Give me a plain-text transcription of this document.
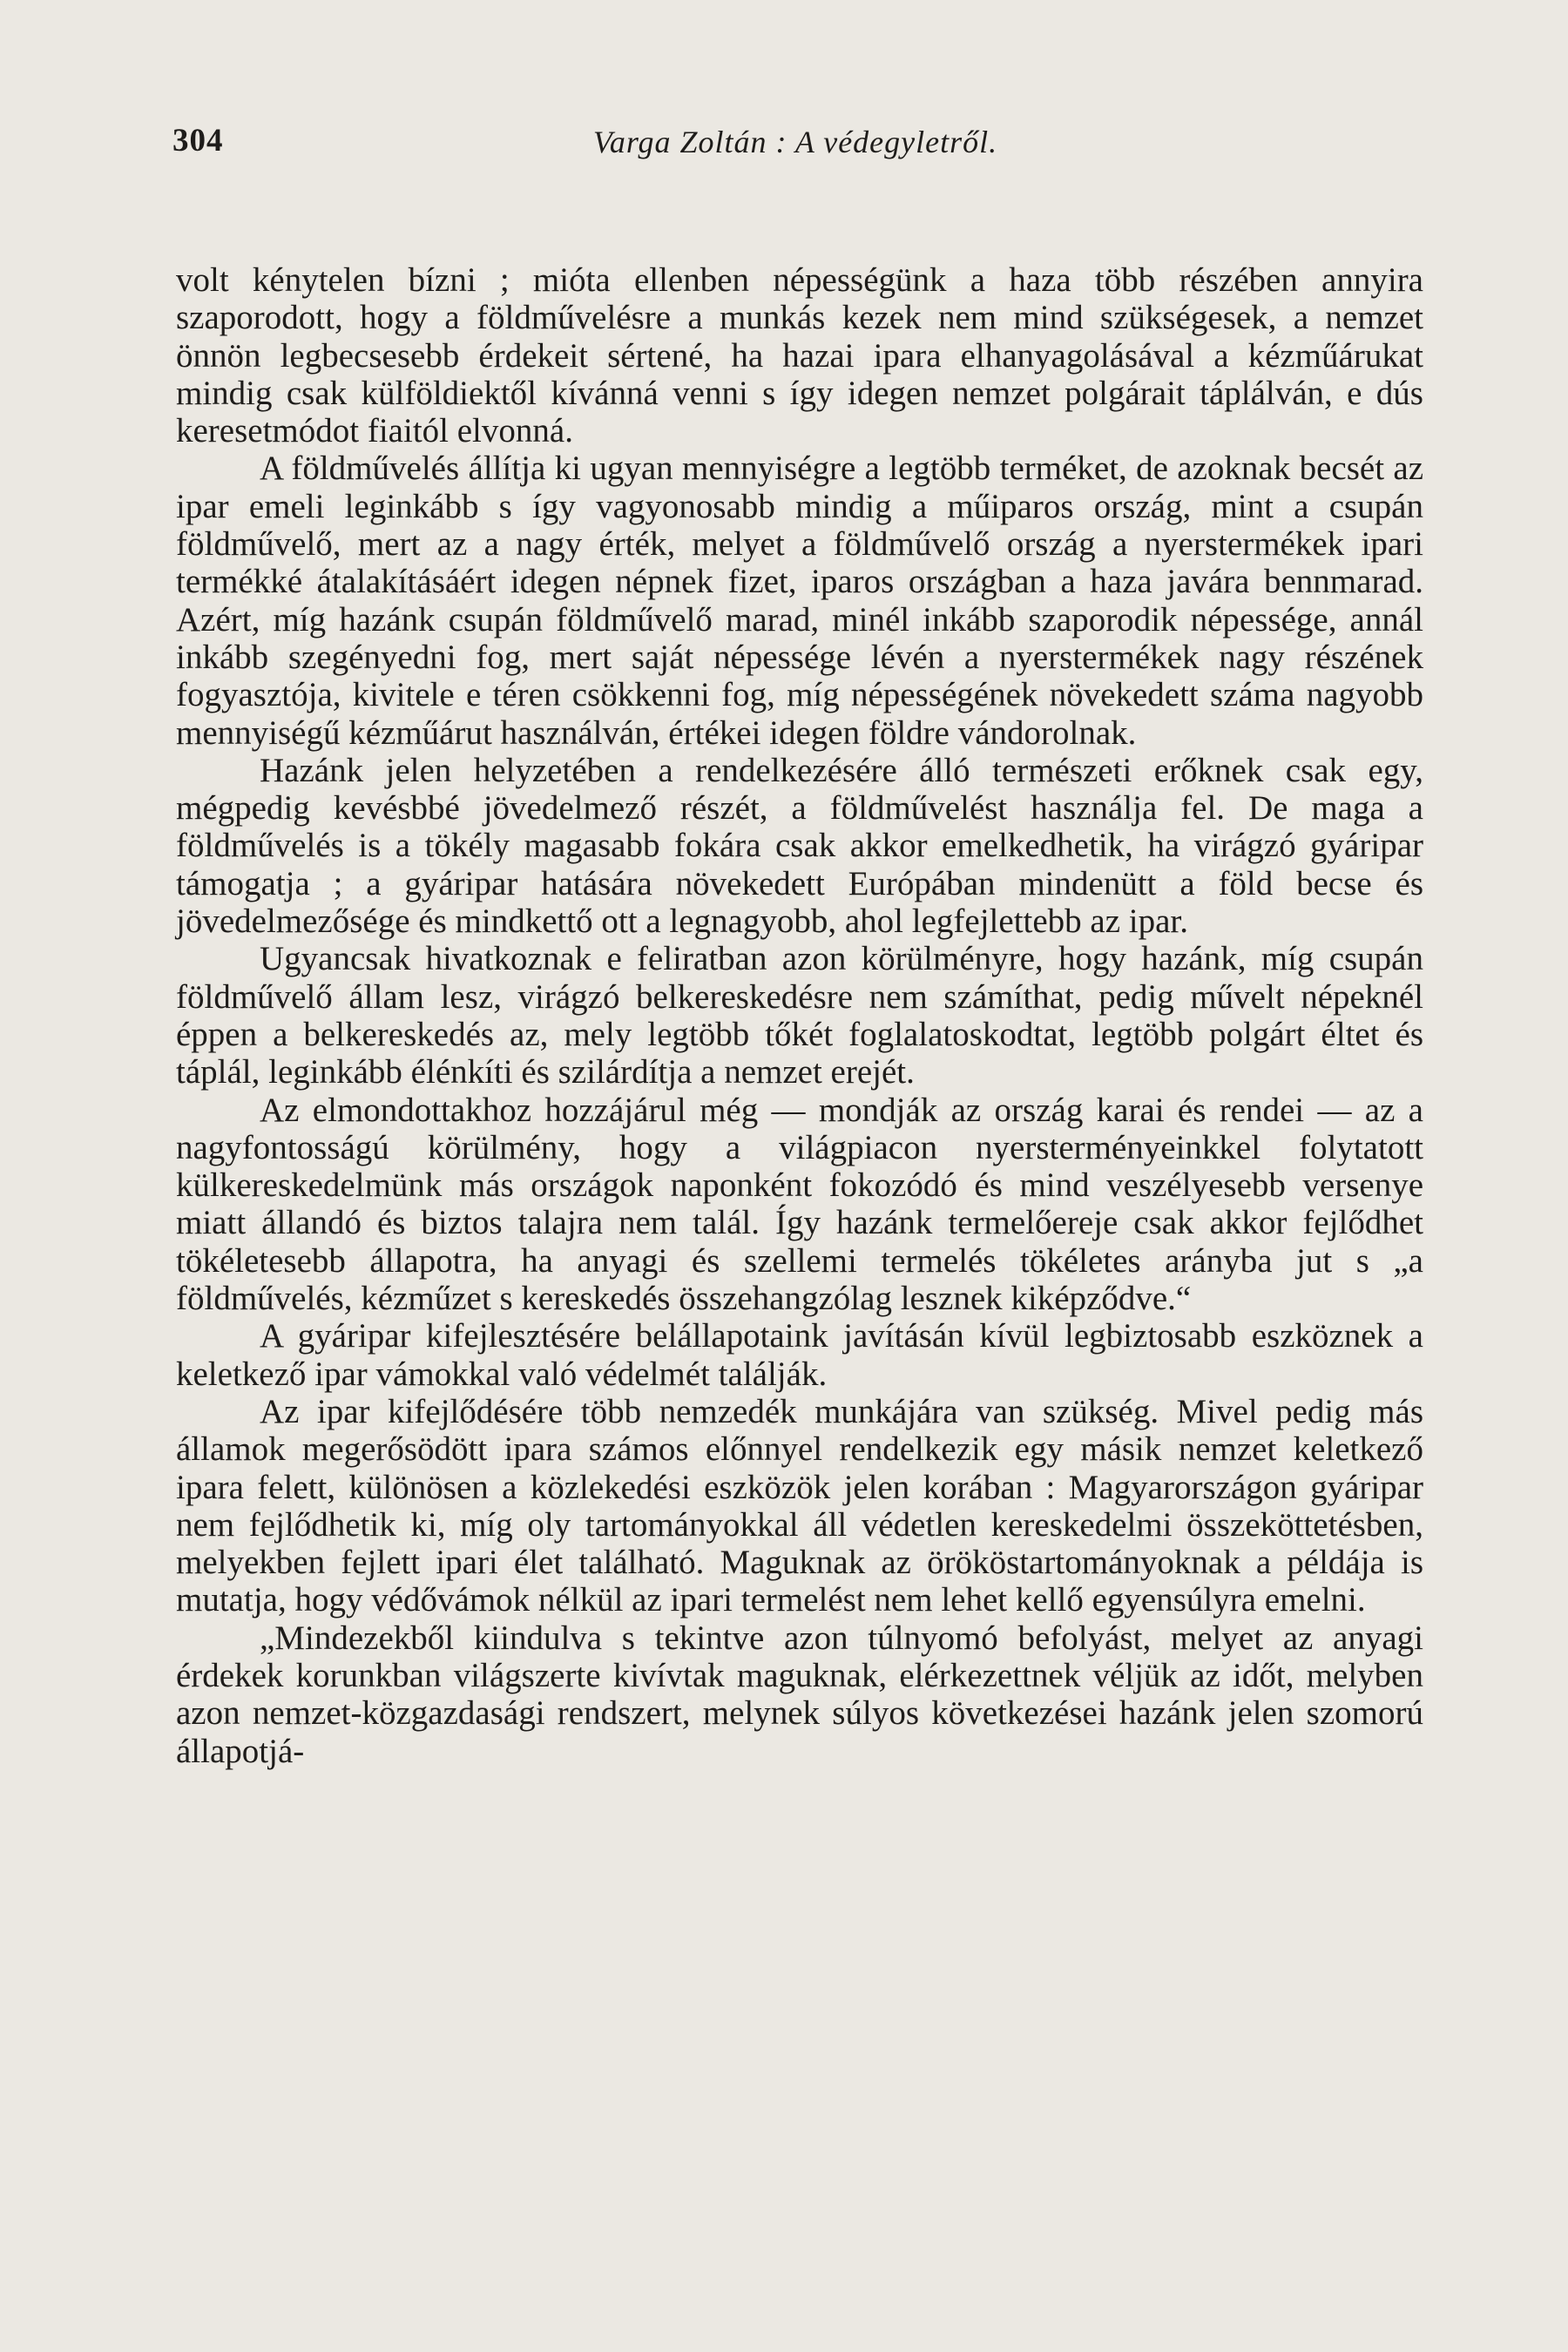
304	Varga Zoltán : A védegyletről.

volt kénytelen bízni ; mióta ellenben népességünk a haza több részében annyira szaporodott, hogy a földművelésre a munkás kezek nem mind szükségesek, a nemzet önnön legbecsesebb érdekeit sértené, ha hazai ipara elhanyagolásával a kézműárukat mindig csak külföldiektől kívánná venni s így idegen nemzet polgárait táplálván, e dús keresetmódot fiaitól elvonná.

A földművelés állítja ki ugyan mennyiségre a legtöbb terméket, de azoknak becsét az ipar emeli leginkább s így vagyonosabb mindig a műiparos ország, mint a csupán földművelő, mert az a nagy érték, melyet a földművelő ország a nyerstermékek ipari termékké átalakításáért idegen népnek fizet, iparos országban a haza javára bennmarad. Azért, míg hazánk csupán földművelő marad, minél inkább szaporodik népessége, annál inkább szegényedni fog, mert saját népessége lévén a nyerstermékek nagy részének fogyasztója, kivitele e téren csökkenni fog, míg népességének növekedett száma nagyobb mennyiségű kézműárut használván, értékei idegen földre vándorolnak.

Hazánk jelen helyzetében a rendelkezésére álló természeti erőknek csak egy, mégpedig kevésbbé jövedelmező részét, a földművelést használja fel. De maga a földművelés is a tökély magasabb fokára csak akkor emelkedhetik, ha virágzó gyáripar támogatja ; a gyáripar hatására növekedett Európában mindenütt a föld becse és jövedelmezősége és mindkettő ott a legnagyobb, ahol legfejlettebb az ipar.

Ugyancsak hivatkoznak e feliratban azon körülményre, hogy hazánk, míg csupán földművelő állam lesz, virágzó belkereskedésre nem számíthat, pedig művelt népeknél éppen a belkereskedés az, mely legtöbb tőkét foglalatoskodtat, legtöbb polgárt éltet és táplál, leginkább élénkíti és szilárdítja a nemzet erejét.

Az elmondottakhoz hozzájárul még — mondják az ország karai és rendei — az a nagyfontosságú körülmény, hogy a világpiacon nyersterményeinkkel folytatott külkereskedelmünk más országok naponként fokozódó és mind veszélyesebb versenye miatt állandó és biztos talajra nem talál. Így hazánk termelőereje csak akkor fejlődhet tökéletesebb állapotra, ha anyagi és szellemi termelés tökéletes arányba jut s „a földművelés, kézműzet s kereskedés összehangzólag lesznek kiképződve.“

A gyáripar kifejlesztésére belállapotaink javításán kívül legbiztosabb eszköznek a keletkező ipar vámokkal való védelmét találják.

Az ipar kifejlődésére több nemzedék munkájára van szükség. Mivel pedig más államok megerősödött ipara számos előnnyel rendelkezik egy másik nemzet keletkező ipara felett, különösen a közlekedési eszközök jelen korában : Magyarországon gyáripar nem fejlődhetik ki, míg oly tartományokkal áll védetlen kereskedelmi összeköttetésben, melyekben fejlett ipari élet található. Maguknak az örököstartományoknak a példája is mutatja, hogy védővámok nélkül az ipari termelést nem lehet kellő egyensúlyra emelni.

„Mindezekből kiindulva s tekintve azon túlnyomó befolyást, melyet az anyagi érdekek korunkban világszerte kivívtak maguknak, elérkezettnek véljük az időt, melyben azon nemzet-közgazdasági rendszert, melynek súlyos következései hazánk jelen szomorú állapotjá-
